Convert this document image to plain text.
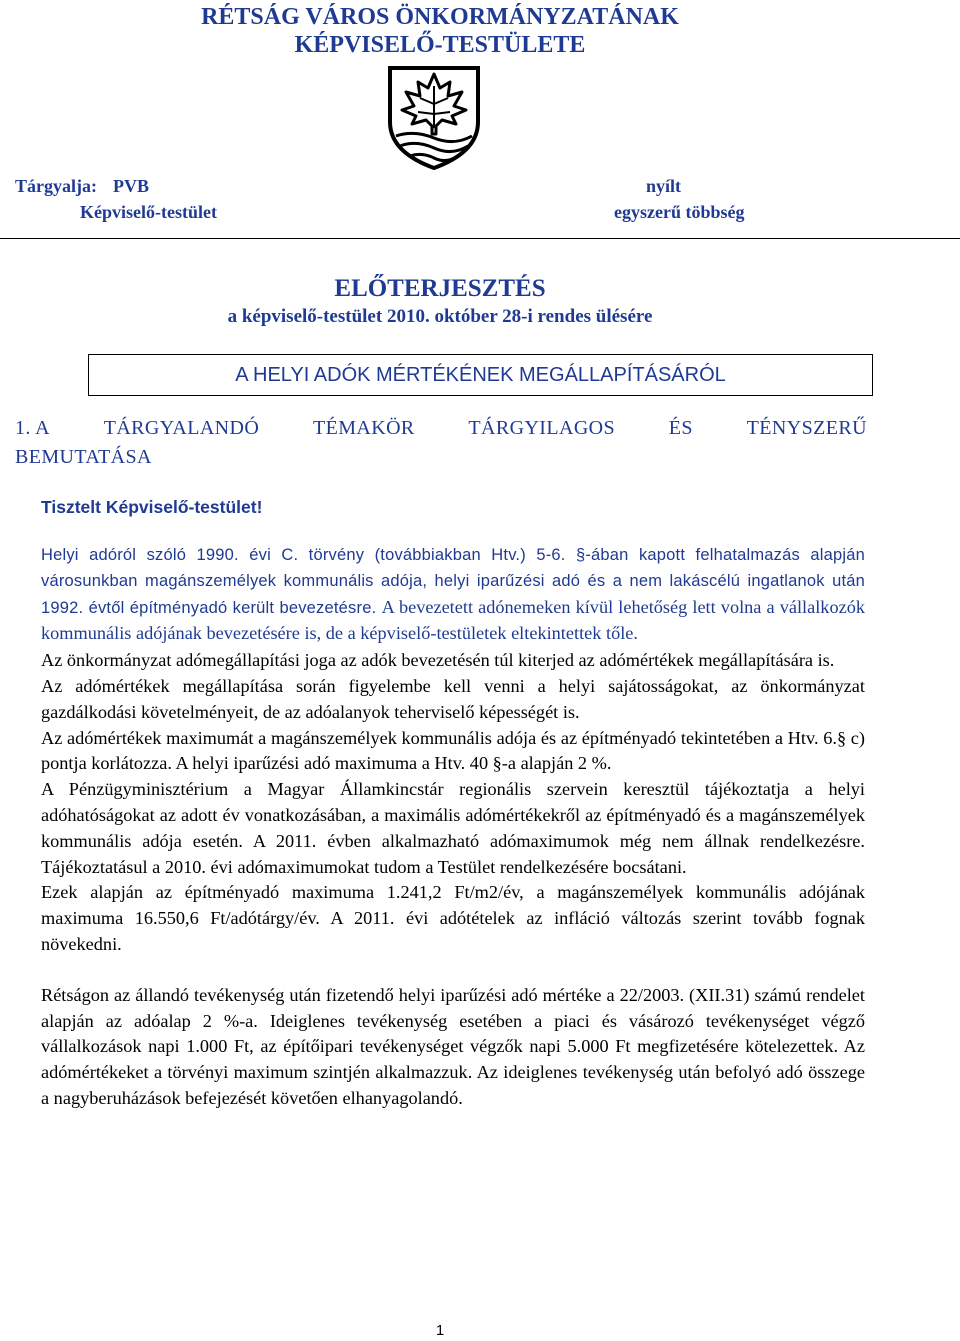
RÉTSÁG VÁROS ÖNKORMÁNYZATÁNAK
KÉPVISELŐ-TESTÜLETE
Tárgyalja: PVB
Képviselő-testület
nyílt
egyszerű többség
ELŐTERJESZTÉS
a képviselő-testület 2010. október 28-i rendes ülésére
A HELYI ADÓK MÉRTÉKÉNEK MEGÁLLAPÍTÁSÁRÓL
1. A	TÁRGYALANDÓ	TÉMAKÖR	TÁRGYILAGOS	ÉS	TÉNYSZERŰ
BEMUTATÁSA
Tisztelt Képviselő-testület!

Helyi adóról szóló 1990. évi C. törvény (továbbiakban Htv.) 5-6. §-ában kapott felhatalmazás alapján városunkban magánszemélyek kommunális adója, helyi iparűzési adó és a nem lakáscélú ingatlanok után 1992. évtől építményadó került bevezetésre. A bevezetett adónemeken kívül lehetőség lett volna a vállalkozók kommunális adójának bevezetésére is, de a képviselő-testületek eltekintettek tőle.

Az önkormányzat adómegállapítási joga az adók bevezetésén túl kiterjed az adómértékek megállapítására is.

Az adómértékek megállapítása során figyelembe kell venni a helyi sajátosságokat, az önkormányzat gazdálkodási követelményeit, de az adóalanyok teherviselő képességét is.

Az adómértékek maximumát a magánszemélyek kommunális adója és az építményadó tekintetében a Htv. 6.§ c) pontja korlátozza. A helyi iparűzési adó maximuma a Htv. 40 §-a alapján 2 %.

A Pénzügyminisztérium a Magyar Államkincstár regionális szervein keresztül tájékoztatja a helyi adóhatóságokat az adott év vonatkozásában, a maximális adómértékekről az építményadó és a magánszemélyek kommunális adója esetén. A 2011. évben alkalmazható adómaximumok még nem állnak rendelkezésre. Tájékoztatásul a 2010. évi adómaximumokat tudom a Testület rendelkezésére bocsátani.

Ezek alapján az építményadó maximuma 1.241,2 Ft/m2/év, a magánszemélyek kommunális adójának maximuma 16.550,6 Ft/adótárgy/év. A 2011. évi adótételek az infláció változás szerint tovább fognak növekedni.

Rétságon az állandó tevékenység után fizetendő helyi iparűzési adó mértéke a 22/2003. (XII.31) számú rendelet alapján az adóalap 2 %-a. Ideiglenes tevékenység esetében a piaci és vásározó tevékenységet végző vállalkozások napi 1.000 Ft, az építőipari tevékenységet végzők napi 5.000 Ft megfizetésére kötelezettek. Az adómértékeket a törvényi maximum szintjén alkalmazzuk. Az ideiglenes tevékenység után befolyó adó összege a nagyberuházások befejezését követően elhanyagolandó.

1
